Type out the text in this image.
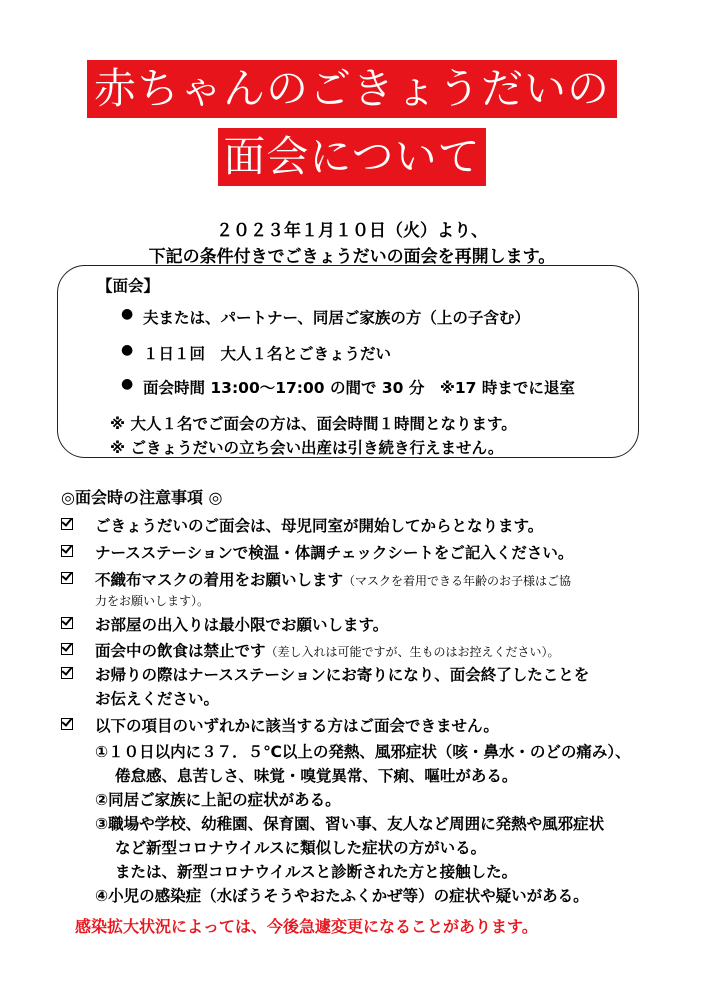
赤ちゃんのごきょうだいの
面会について
２０２３年１月１０日（火）より、
下記の条件付きでごきょうだいの面会を再開します。
【面会】
● 夫または、パートナー、同居ご家族の方（上の子含む）
● １日１回　大人１名とごきょうだい
● 面会時間 13:00～17:00 の間で 30 分　※17 時までに退室
※ 大人１名でご面会の方は、面会時間１時間となります。
※ ごきょうだいの立ち会い出産は引き続き行えません。
◎面会時の注意事項 ◎
ごきょうだいのご面会は、母児同室が開始してからとなります。
ナースステーションで検温・体調チェックシートをご記入ください。
不織布マスクの着用をお願いします（マスクを着用できる年齢のお子様はご協
力をお願いします）。
お部屋の出入りは最小限でお願いします。
面会中の飲食は禁止です（差し入れは可能ですが、生ものはお控えください）。
お帰りの際はナースステーションにお寄りになり、面会終了したことを
お伝えください。
以下の項目のいずれかに該当する方はご面会できません。
①１０日以内に３７．５℃以上の発熱、風邪症状（咳・鼻水・のどの痛み）、
倦怠感、息苦しさ、味覚・嗅覚異常、下痢、嘔吐がある。
②同居ご家族に上記の症状がある。
③職場や学校、幼稚園、保育園、習い事、友人など周囲に発熱や風邪症状
など新型コロナウイルスに類似した症状の方がいる。
または、新型コロナウイルスと診断された方と接触した。
④小児の感染症（水ぼうそうやおたふくかぜ等）の症状や疑いがある。
感染拡大状況によっては、今後急遽変更になることがあります。
